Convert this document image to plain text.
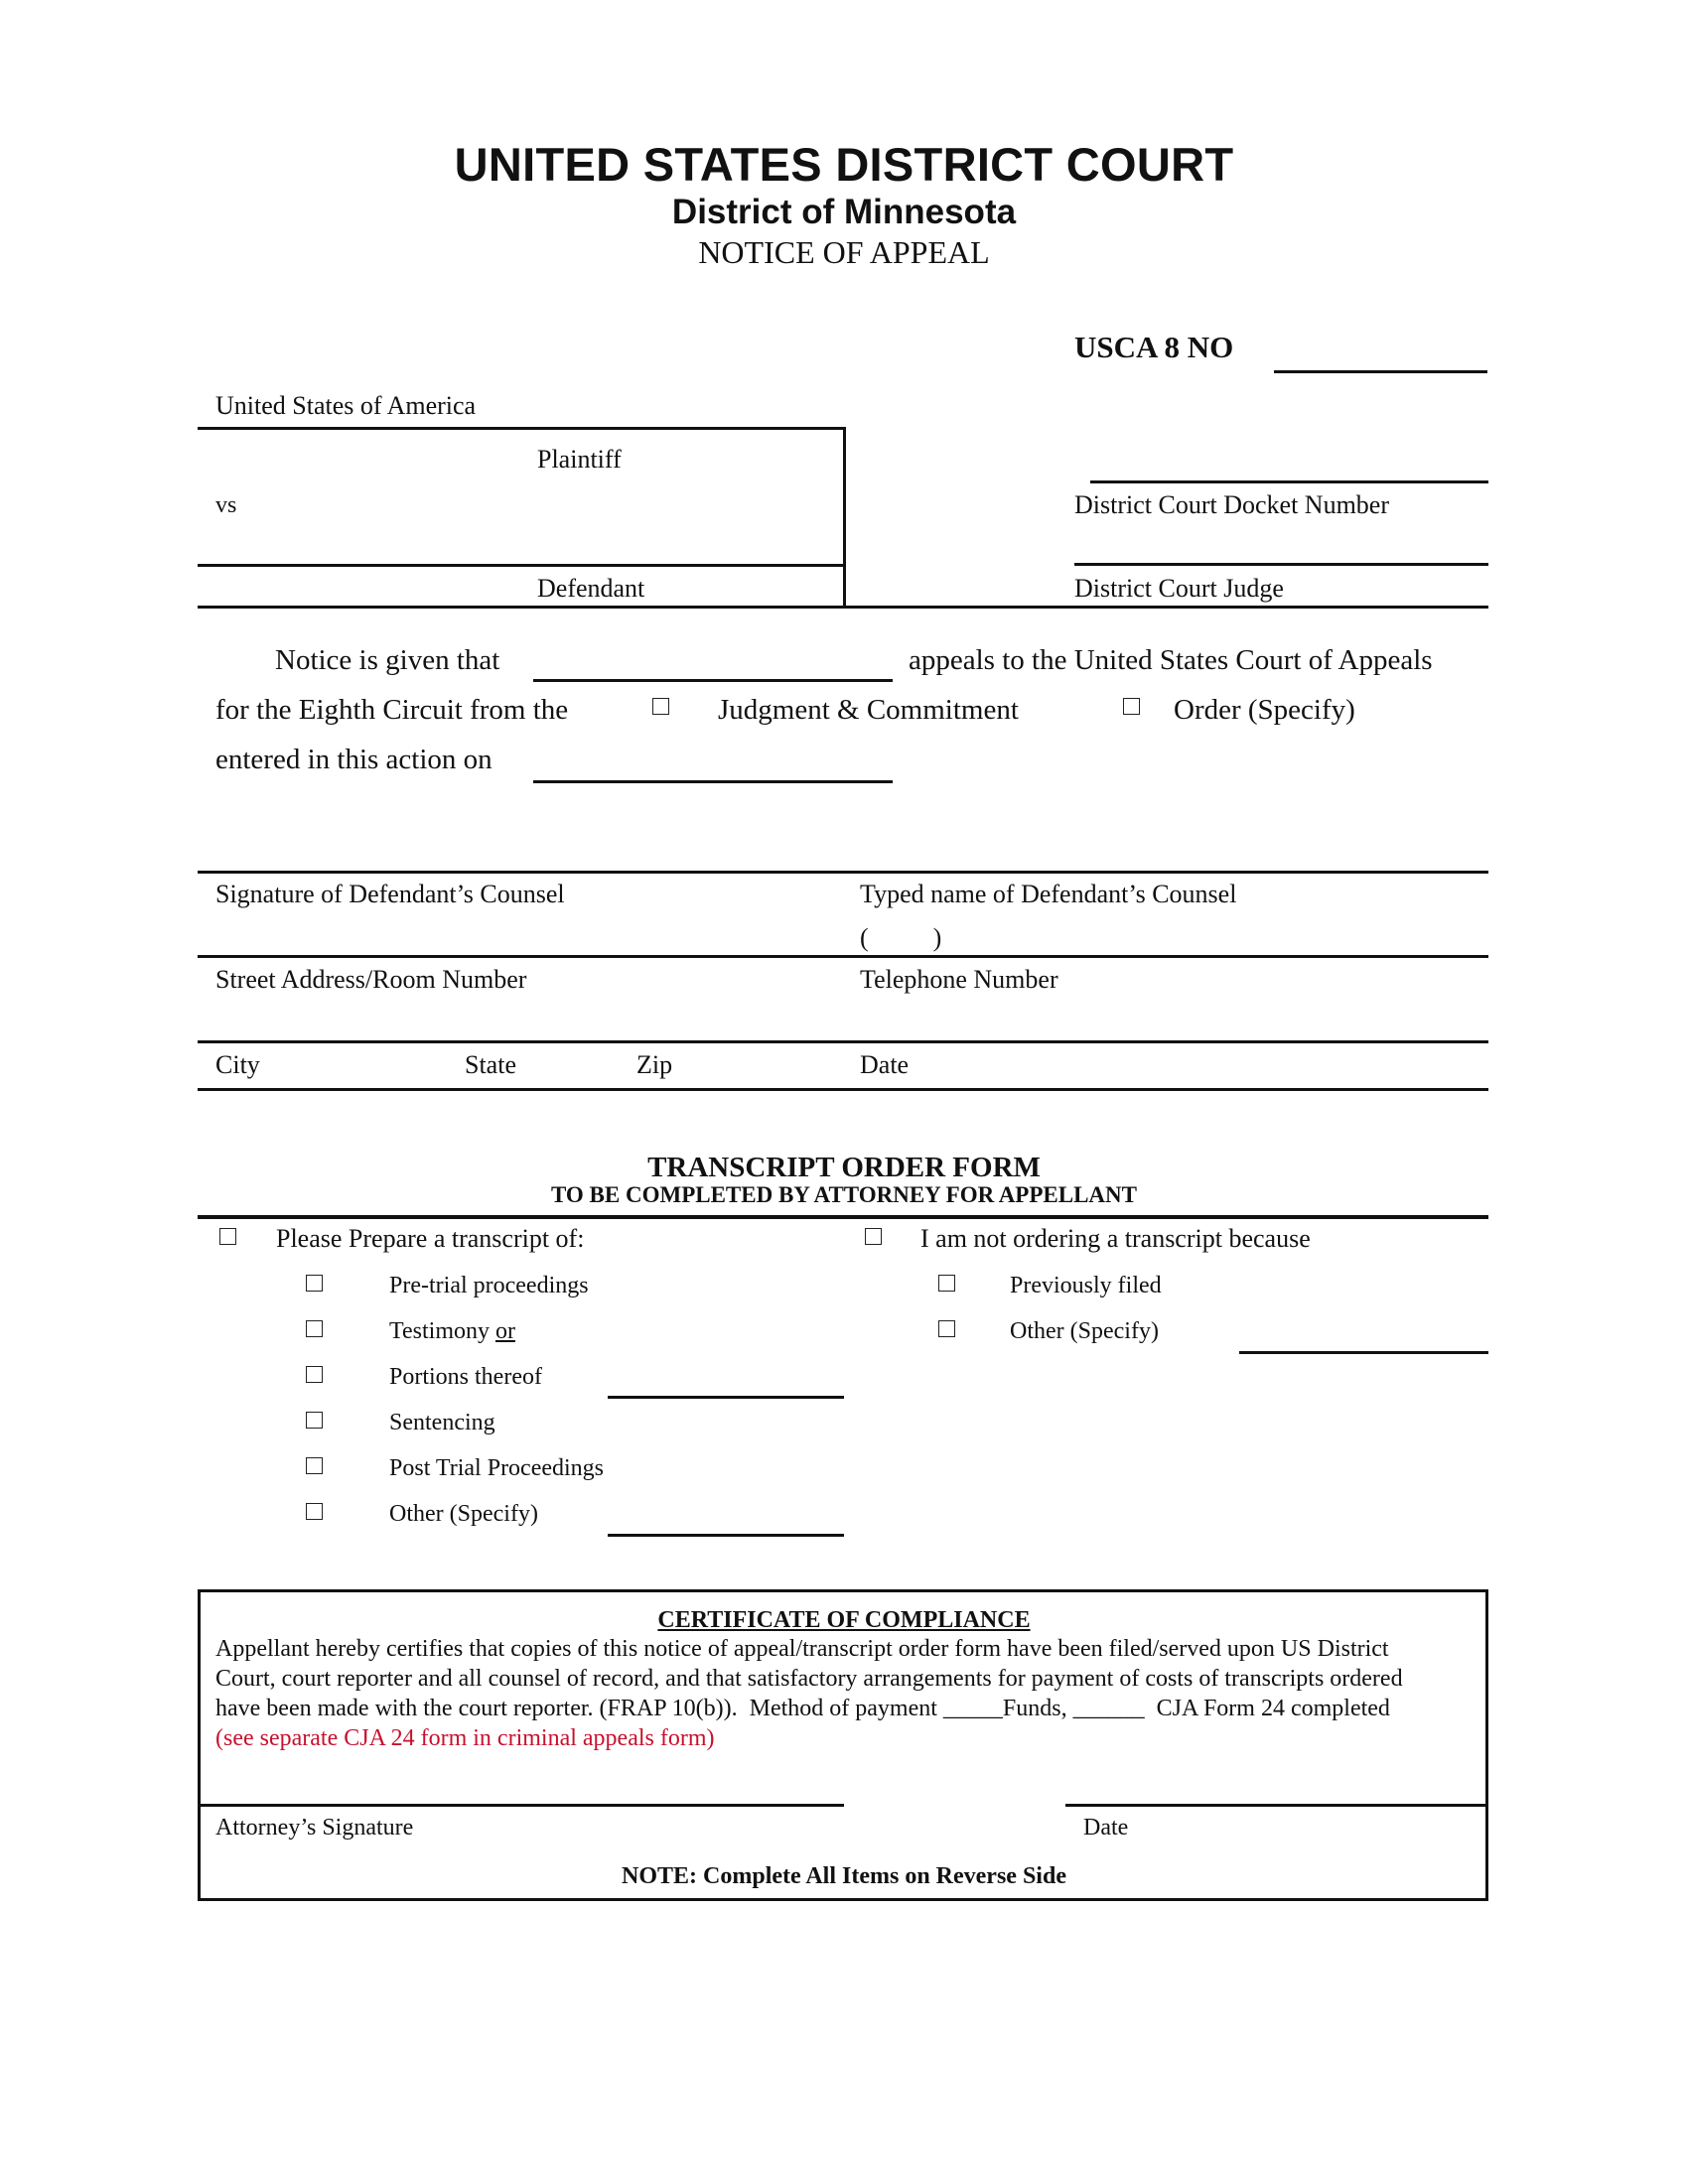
UNITED STATES DISTRICT COURT
District of Minnesota
NOTICE OF APPEAL
USCA 8 NO
United States of America
Plaintiff
vs
Defendant
District Court Docket Number
District Court Judge
Notice is given that	appeals to the United States Court of Appeals
for the Eighth Circuit from the	Judgment & Commitment	Order (Specify)
entered in this action on
Signature of Defendant’s Counsel	Typed name of Defendant’s Counsel
(          )
Street Address/Room Number	Telephone Number
City	State	Zip	Date
TRANSCRIPT ORDER FORM
TO BE COMPLETED BY ATTORNEY FOR APPELLANT
Please Prepare a transcript of:	I am not ordering a transcript because
Pre-trial proceedings
Testimony or
Portions thereof
Sentencing
Post Trial Proceedings
Other (Specify)
Previously filed
Other (Specify)
CERTIFICATE OF COMPLIANCE
Appellant hereby certifies that copies of this notice of appeal/transcript order form have been filed/served upon US District
Court, court reporter and all counsel of record, and that satisfactory arrangements for payment of costs of transcripts ordered
have been made with the court reporter. (FRAP 10(b)).  Method of payment _____Funds, ______  CJA Form 24 completed
(see separate CJA 24 form in criminal appeals form)
Attorney’s Signature	Date
NOTE: Complete All Items on Reverse Side
